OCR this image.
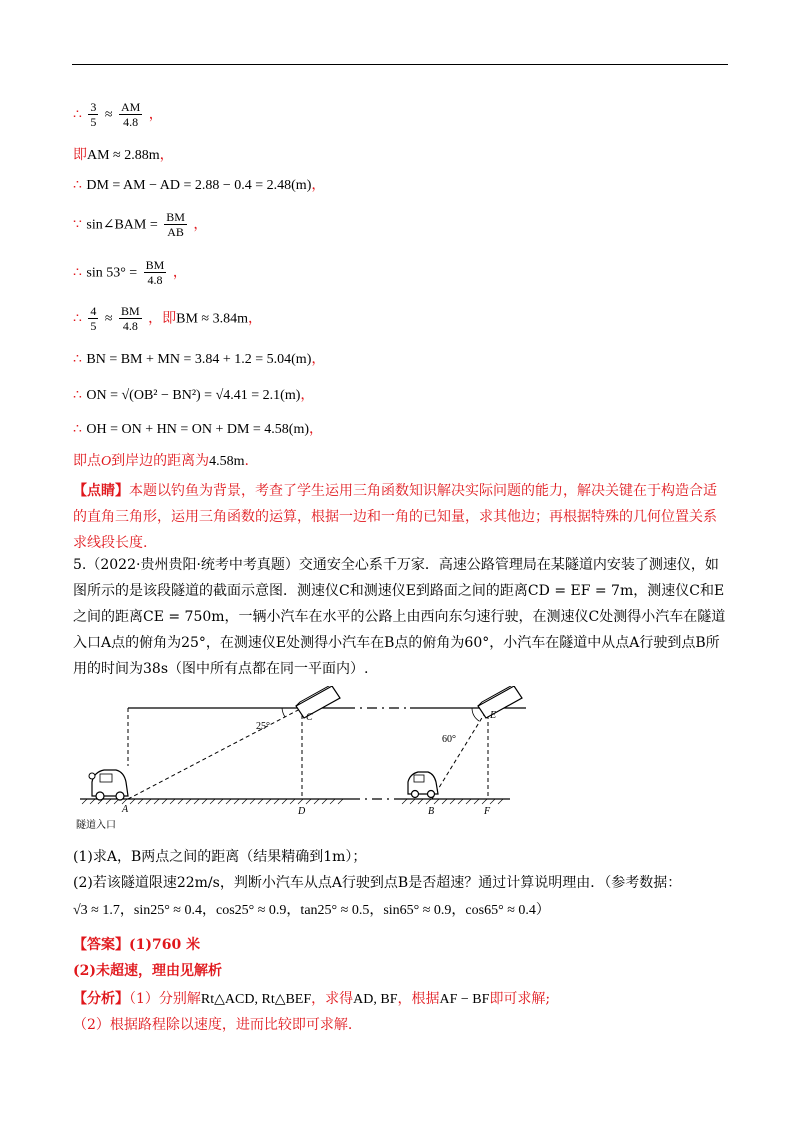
∴ $\frac{3}{5} \approx \frac{AM}{4.8}$ ，
即AM ≈ 2.88m，
∴ DM = AM − AD = 2.88 − 0.4 = 2.48(m)，
∵ sin∠BAM = $\frac{BM}{AB}$ ，
∴ $\sin 53^\circ = \frac{BM}{4.8}$ ，
∴ $\frac{4}{5} \approx \frac{BM}{4.8}$ ，即BM ≈ 3.84m，
∴ BN = BM + MN = 3.84 + 1.2 = 5.04(m)，
∴ ON = √(OB² − BN²) = √4.41 = 2.1(m)，
∴ OH = ON + HN = ON + DM = 4.58(m)，
即点O到岸边的距离为4.58m.
【点睛】本题以钓鱼为背景，考查了学生运用三角函数知识解决实际问题的能力，解决关键在于构造合适的直角三角形，运用三角函数的运算，根据一边和一角的已知量，求其他边；再根据特殊的几何位置关系求线段长度.
5.（2022·贵州贵阳·统考中考真题）交通安全心系千万家．高速公路管理局在某隧道内安装了测速仪，如图所示的是该段隧道的截面示意图．测速仪C和测速仪E到路面之间的距离CD = EF = 7m，测速仪C和E之间的距离CE = 750m，一辆小汽车在水平的公路上由西向东匀速行驶，在测速仪C处测得小汽车在隧道入口A点的俯角为25°，在测速仪E处测得小汽车在B点的俯角为60°，小汽车在隧道中从点A行驶到点B所用的时间为38s（图中所有点都在同一平面内）.
25°
60°
A
C
D
E
B	F
隧道入口
(1)求A，B两点之间的距离（结果精确到1m）；
(2)若该隧道限速22m/s，判断小汽车从点A行驶到点B是否超速？通过计算说明理由．（参考数据：
√3 ≈ 1.7，sin25° ≈ 0.4，cos25° ≈ 0.9，tan25° ≈ 0.5，sin65° ≈ 0.9，cos65° ≈ 0.4）
【答案】(1)760 米
(2)未超速，理由见解析
【分析】（1）分别解Rt△ACD, Rt△BEF，求得AD, BF，根据AF − BF即可求解;
（2）根据路程除以速度，进而比较即可求解.
